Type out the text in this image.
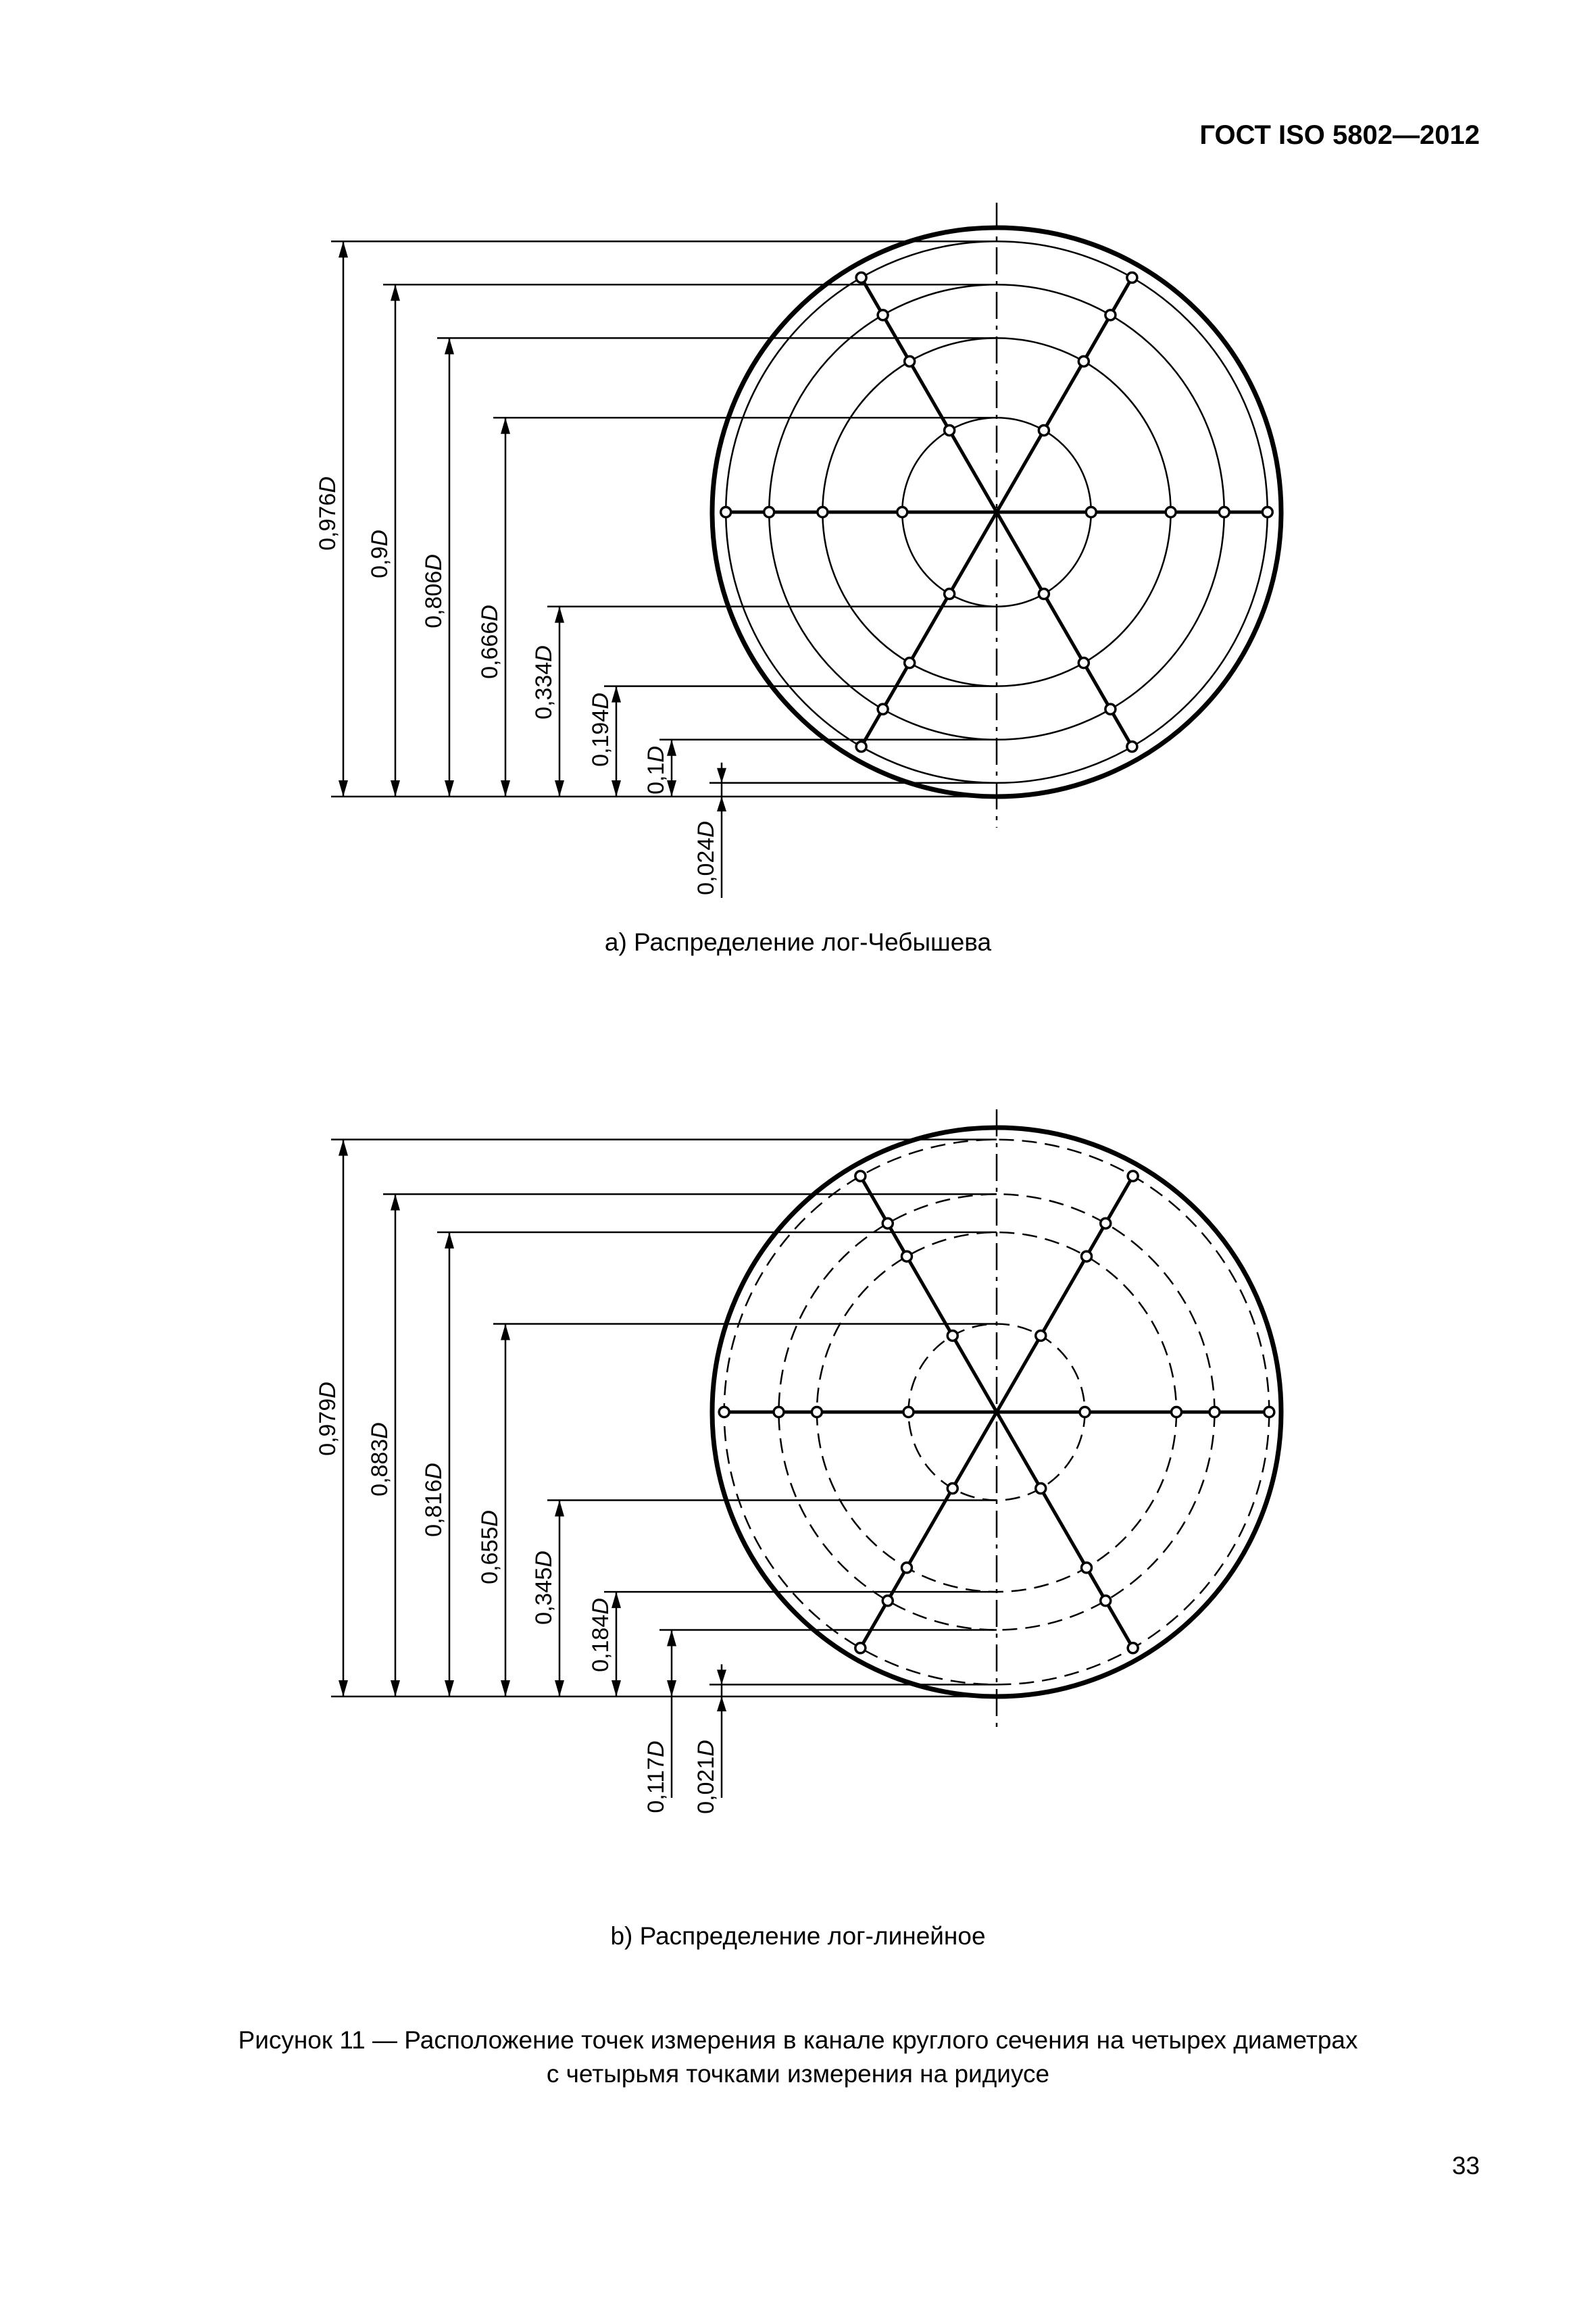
ГОСТ ISO 5802—2012
0,976D
0,9D
0,806D
0,666D
0,334D
0,194D
0,1D
0,024D
a) Распределение лог-Чебышева
0,979D
0,883D
0,816D
0,655D
0,345D
0,184D
0,117D
0,021D
b) Распределение лог-линейное
Рисунок 11 — Расположение точек измерения в канале круглого сечения на четырех диаметрах
с четырьмя точками измерения на ридиусе
33
